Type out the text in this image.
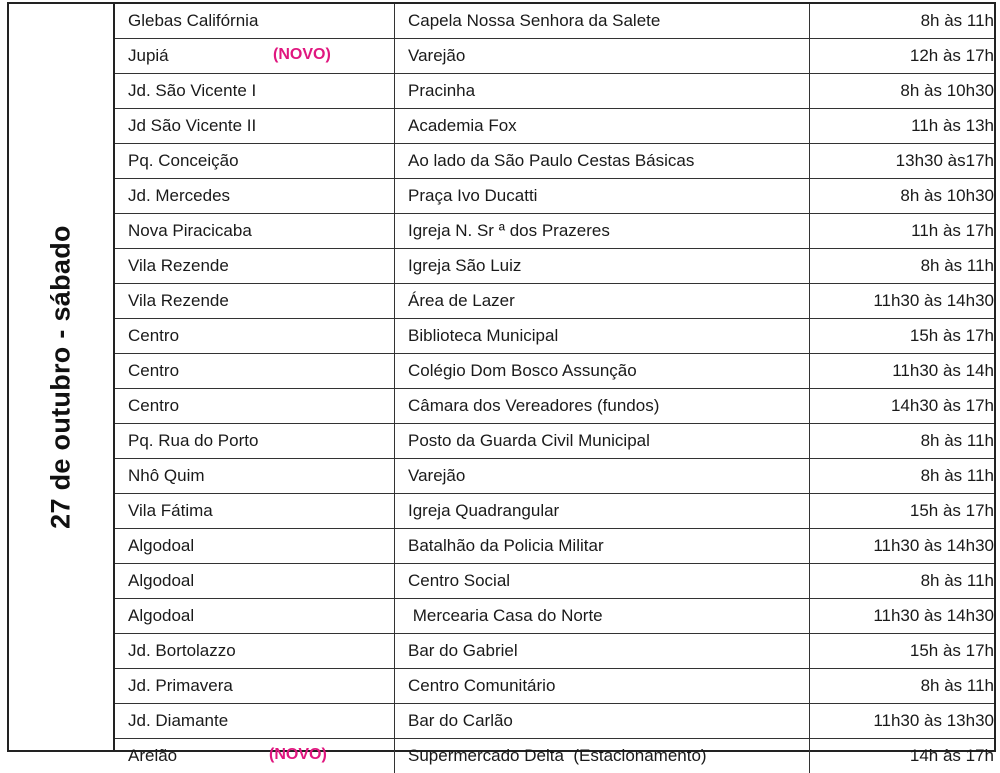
27 de outubro - sábado
Glebas Califórnia	Capela Nossa Senhora da Salete	8h às 11h
Jupiá (NOVO)	Varejão	12h às 17h
Jd. São Vicente I	Pracinha	8h às 10h30
Jd São Vicente II	Academia Fox	11h às 13h
Pq. Conceição	Ao lado da São Paulo Cestas Básicas	13h30 às17h
Jd. Mercedes	Praça Ivo Ducatti	8h às 10h30
Nova Piracicaba	Igreja N. Sr ª dos Prazeres	11h às 17h
Vila Rezende	Igreja São Luiz	8h às 11h
Vila Rezende	Área de Lazer	11h30 às 14h30
Centro	Biblioteca Municipal	15h às 17h
Centro	Colégio Dom Bosco Assunção	11h30 às 14h
Centro	Câmara dos Vereadores (fundos)	14h30 às 17h
Pq. Rua do Porto	Posto da Guarda Civil Municipal	8h às 11h
Nhô Quim	Varejão	8h às 11h
Vila Fátima	Igreja Quadrangular	15h às 17h
Algodoal	Batalhão da Policia Militar	11h30 às 14h30
Algodoal	Centro Social	8h às 11h
Algodoal	Mercearia Casa do Norte	11h30 às 14h30
Jd. Bortolazzo	Bar do Gabriel	15h às 17h
Jd. Primavera	Centro Comunitário	8h às 11h
Jd. Diamante	Bar do Carlão	11h30 às 13h30
Areião (NOVO)	Supermercado Delta  (Estacionamento)	14h às 17h
